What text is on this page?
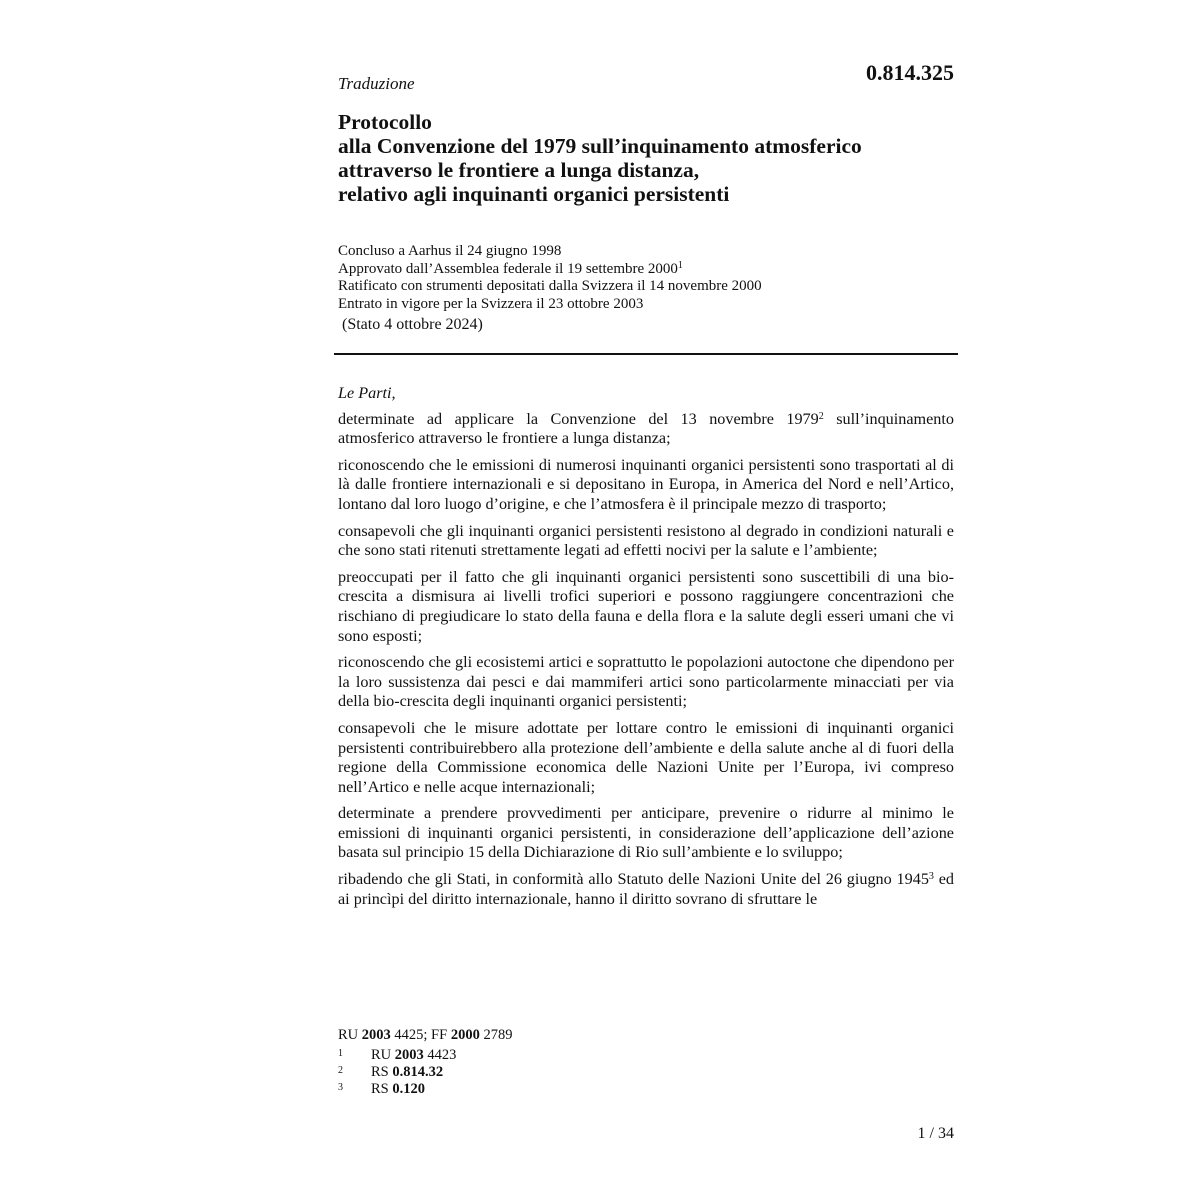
Traduzione	0.814.325
Protocollo
alla Convenzione del 1979 sull’inquinamento atmosferico
attraverso le frontiere a lunga distanza,
relativo agli inquinanti organici persistenti
Concluso a Aarhus il 24 giugno 1998
Approvato dall’Assemblea federale il 19 settembre 2000$^1$
Ratificato con strumenti depositati dalla Svizzera il 14 novembre 2000
Entrato in vigore per la Svizzera il 23 ottobre 2003
(Stato 4 ottobre 2024)
Le Parti,
determinate ad applicare la Convenzione del 13 novembre 1979$^2$ sull’inquinamento atmosferico attraverso le frontiere a lunga distanza;
riconoscendo che le emissioni di numerosi inquinanti organici persistenti sono trasportati al di là dalle frontiere internazionali e si depositano in Europa, in America del Nord e nell’Artico, lontano dal loro luogo d’origine, e che l’atmosfera è il principale mezzo di trasporto;
consapevoli che gli inquinanti organici persistenti resistono al degrado in condizioni naturali e che sono stati ritenuti strettamente legati ad effetti nocivi per la salute e l’ambiente;
preoccupati per il fatto che gli inquinanti organici persistenti sono suscettibili di una bio-crescita a dismisura ai livelli trofici superiori e possono raggiungere concentrazioni che rischiano di pregiudicare lo stato della fauna e della flora e la salute degli esseri umani che vi sono esposti;
riconoscendo che gli ecosistemi artici e soprattutto le popolazioni autoctone che dipendono per la loro sussistenza dai pesci e dai mammiferi artici sono particolarmente minacciati per via della bio-crescita degli inquinanti organici persistenti;
consapevoli che le misure adottate per lottare contro le emissioni di inquinanti organici persistenti contribuirebbero alla protezione dell’ambiente e della salute anche al di fuori della regione della Commissione economica delle Nazioni Unite per l’Europa, ivi compreso nell’Artico e nelle acque internazionali;
determinate a prendere provvedimenti per anticipare, prevenire o ridurre al minimo le emissioni di inquinanti organici persistenti, in considerazione dell’applicazione dell’azione basata sul principio 15 della Dichiarazione di Rio sull’ambiente e lo sviluppo;
ribadendo che gli Stati, in conformità allo Statuto delle Nazioni Unite del 26 giugno 1945$^3$ ed ai princìpi del diritto internazionale, hanno il diritto sovrano di sfruttare le
RU 2003 4425; FF 2000 2789
1 RU 2003 4423
2 RS 0.814.32
3 RS 0.120
1 / 34
